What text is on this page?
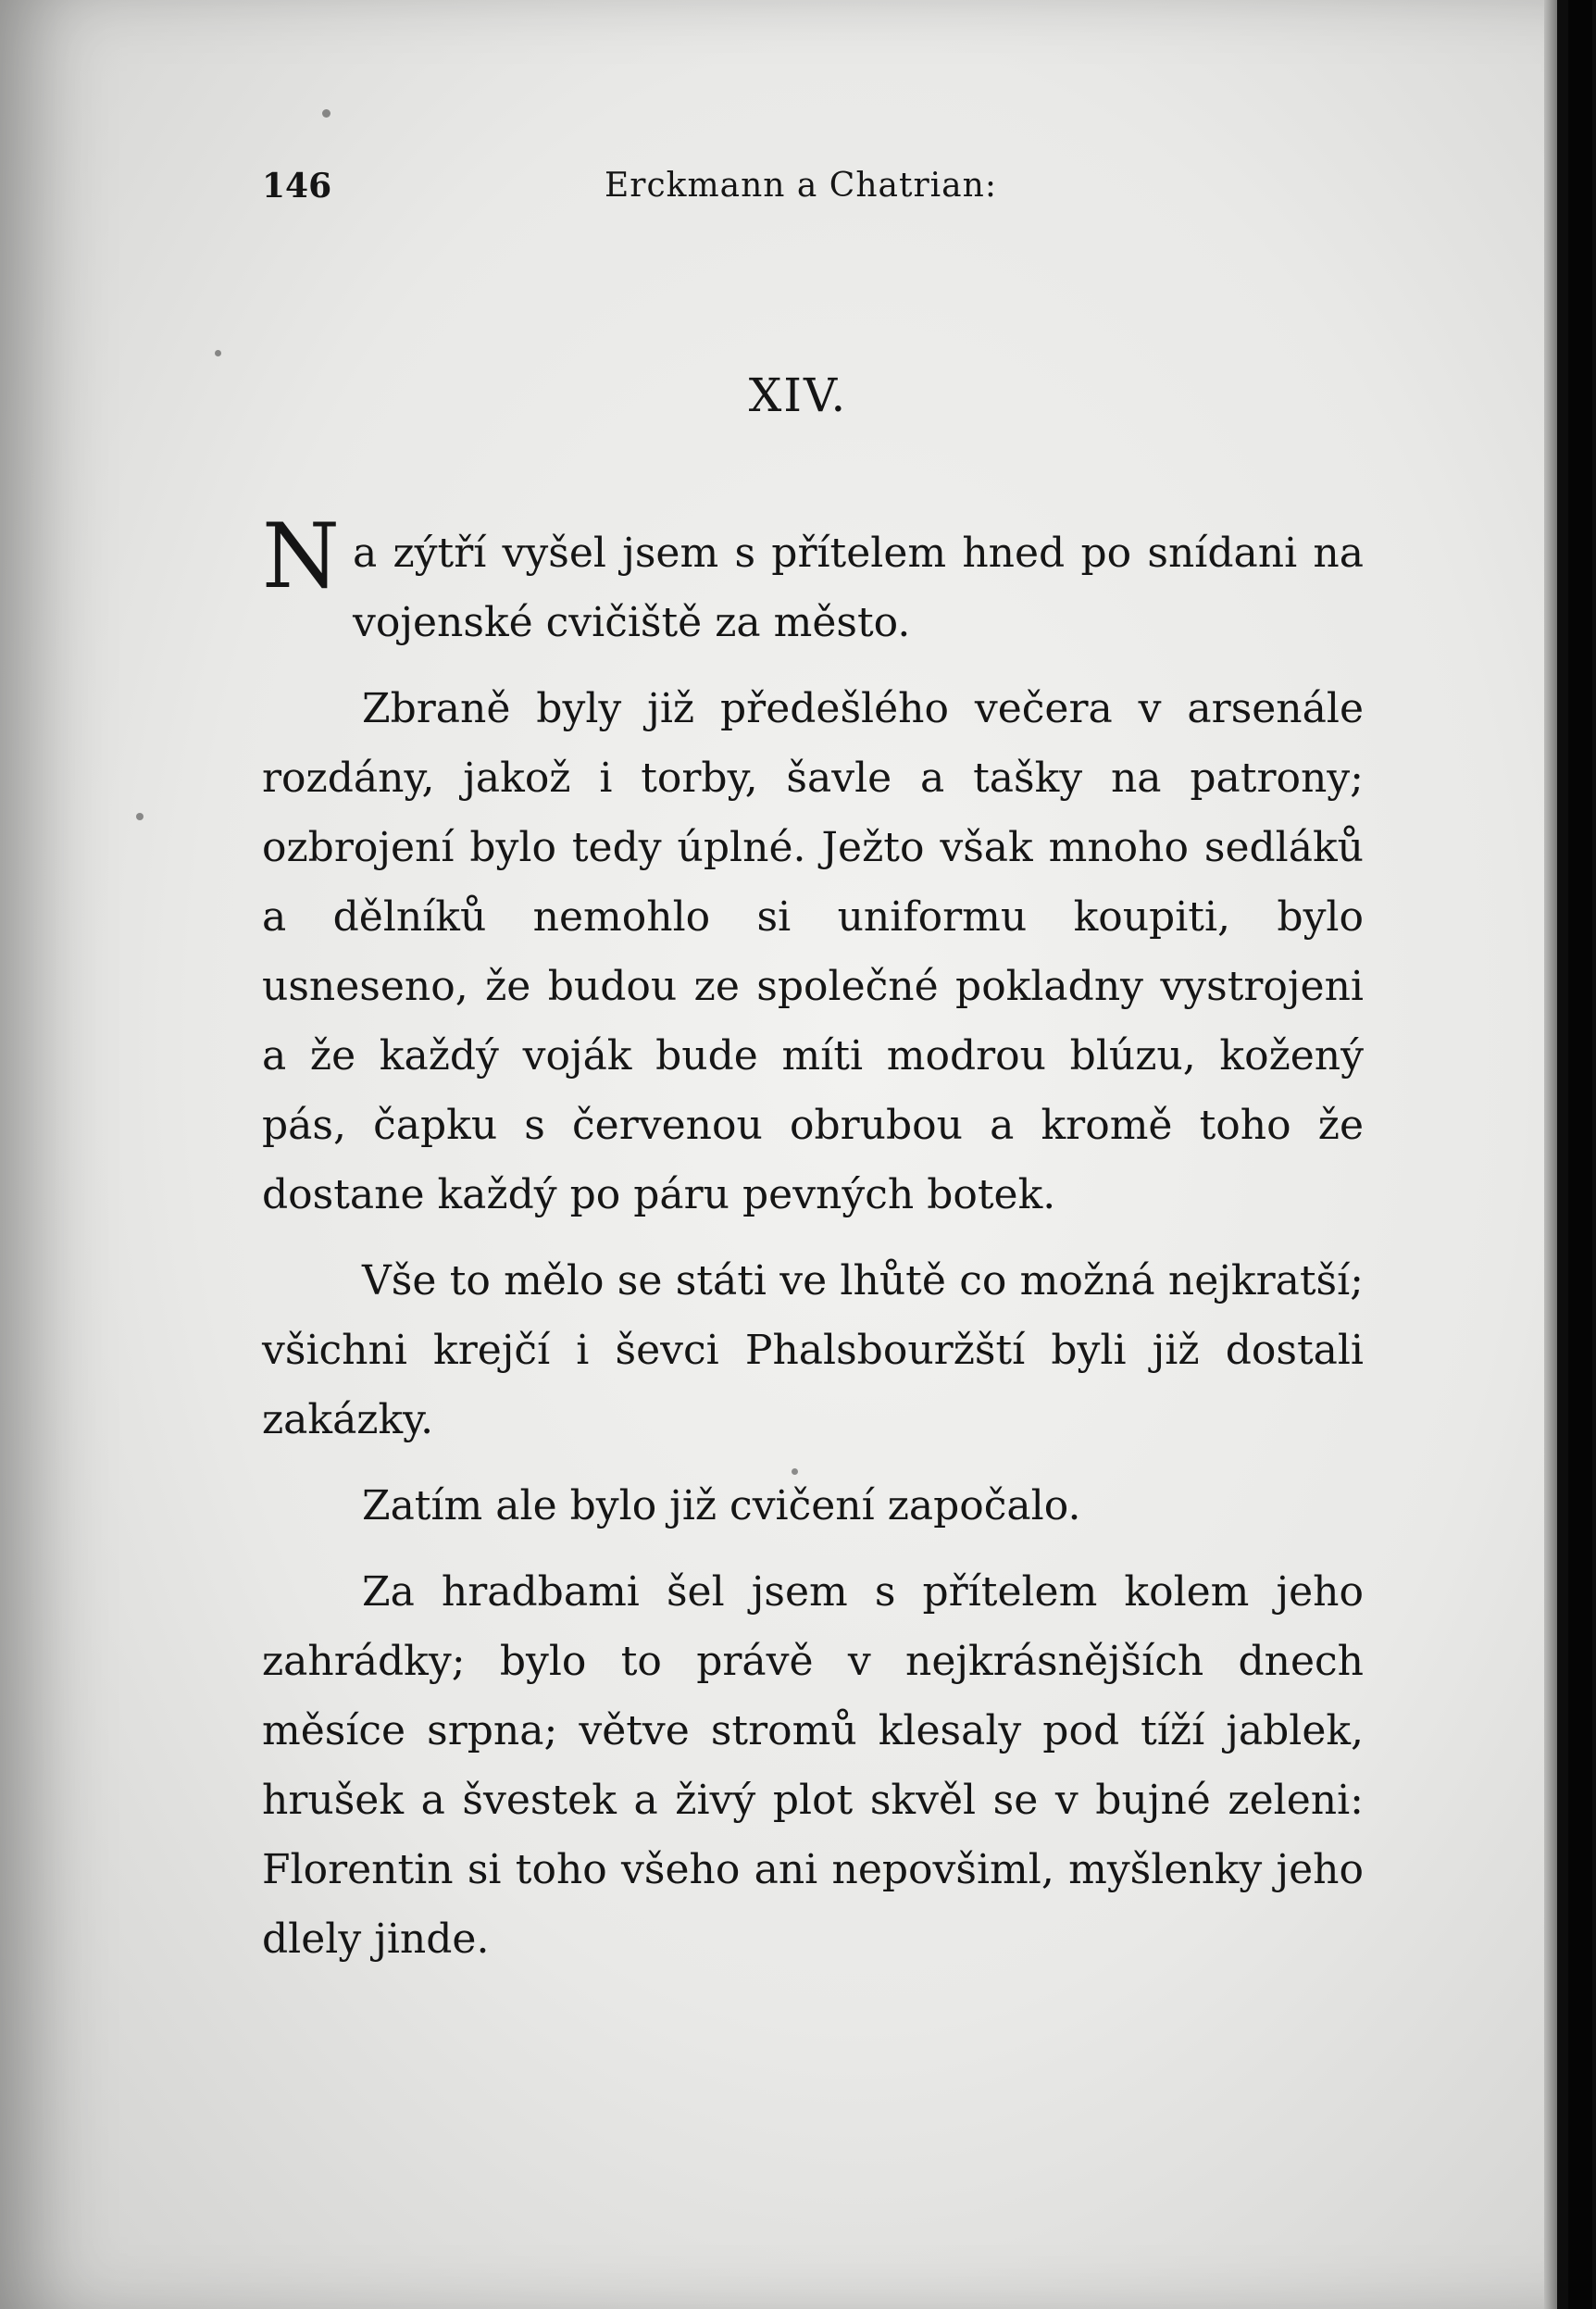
146	Erckmann a Chatrian:
XIV.

Na zýtří vyšel jsem s přítelem hned po snídani na vojenské cvičiště za město.

Zbraně byly již předešlého večera v arsenále rozdány, jakož i torby, šavle a tašky na patrony; ozbrojení bylo tedy úplné. Ježto však mnoho sedláků a dělníků nemohlo si uniformu koupiti, bylo usneseno, že budou ze společné pokladny vystrojeni a že každý voják bude míti modrou blúzu, kožený pás, čapku s červenou obrubou a kromě toho že dostane každý po páru pevných botek.

Vše to mělo se státi ve lhůtě co možná nejkratší; všichni krejčí i ševci Phalsbouržští byli již dostali zakázky.

Zatím ale bylo již cvičení započalo.

Za hradbami šel jsem s přítelem kolem jeho zahrádky; bylo to právě v nejkrásnějších dnech měsíce srpna; větve stromů klesaly pod tíží jablek, hrušek a švestek a živý plot skvěl se v bujné zeleni: Florentin si toho všeho ani nepovšiml, myšlenky jeho dlely jinde.
